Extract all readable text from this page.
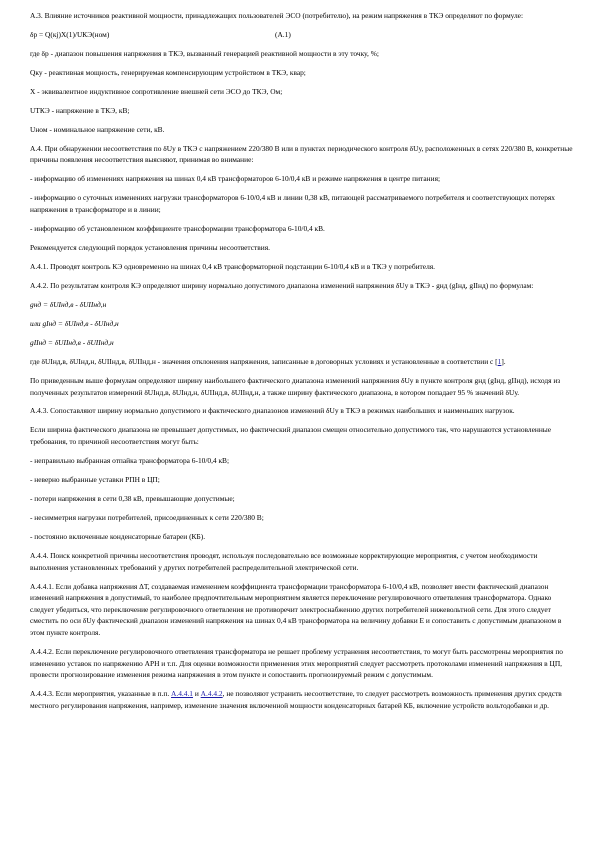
А.3. Влияние источников реактивной мощности, принадлежащих пользователей ЭСО (потребителю), на режим напряжения в ТКЭ определяют по формуле:

δр = Q(кj)Х(1)/UКЭ(ном)	(А.1)

где δр - диапазон повышения напряжения в ТКЭ, вызванный генерацией реактивной мощности в эту точку, %;

Qку - реактивная мощность, генерируемая компенсирующим устройством в ТКЭ, квар;

Х - эквивалентное индуктивное сопротивление внешней сети ЭСО до ТКЭ, Ом;

UТКЭ - напряжение в ТКЭ, кВ;

Uном - номинальное напряжение сети, кВ.

А.4. При обнаружении несоответствия по δUу в ТКЭ с напряжением 220/380 В или в пунктах периодического контроля δUу, расположенных в сетях 220/380 В, конкретные причины появления несоответствия выясняют, принимая во внимание:

- информацию об изменениях напряжения на шинах 0,4 кВ трансформаторов 6-10/0,4 кВ и режиме напряжения в центре питания;

- информацию о суточных изменениях нагрузки трансформаторов 6-10/0,4 кВ и линии 0,38 кВ, питающей рассматриваемого потребителя и соответствующих потерях напряжения в трансформаторе и в линии;

- информацию об установленном коэффициенте трансформации трансформатора 6-10/0,4 кВ.

Рекомендуется следующий порядок установления причины несоответствия.

А.4.1. Проводят контроль КЭ одновременно на шинах 0,4 кВ трансформаторной подстанции 6-10/0,4 кВ и в ТКЭ у потребителя.

А.4.2. По результатам контроля КЭ определяют ширину нормально допустимого диапазона изменений напряжения δUу в ТКЭ - gнд (gIнд, gIIнд) по формулам:

gнд = δUIнд,в - δUIIнд,н

или gIнд = δUIнд,в - δUIнд,н

gIIнд = δUIIнд,в - δUIIнд,н

где δUIнд,в, δUIнд,н, δUIIнд,в, δUIIнд,н - значения отклонения напряжения, записанные в договорных условиях и установленные в соответствии с [1].

По приведенным выше формулам определяют ширину наибольшего фактического диапазона изменений напряжения δUу в пункте контроля gнд (gIнд, gIIнд), исходя из полученных результатов измерений δUIнд,в, δUIнд,н, δUIIнд,в, δUIIнд,н, а также ширину фактического диапазона, в котором попадает 95 % значений δUу.

А.4.3. Сопоставляют ширину нормально допустимого и фактического диапазонов изменений δUу в ТКЭ в режимах наибольших и наименьших нагрузок.

Если ширина фактического диапазона не превышает допустимых, но фактический диапазон смещен относительно допустимого так, что нарушаются установленные требования, то причиной несоответствия могут быть:

- неправильно выбранная отпайка трансформатора 6-10/0,4 кВ;

- неверно выбранные уставки РПН в ЦП;

- потери напряжения в сети 0,38 кВ, превышающие допустимые;

- несимметрия нагрузки потребителей, присоединенных к сети 220/380 В;

- постоянно включенные конденсаторные батареи (КБ).

А.4.4. Поиск конкретной причины несоответствия проводят, используя последовательно все возможные корректирующие мероприятия, с учетом необходимости выполнения установленных требований у других потребителей распределительной электрической сети.

А.4.4.1. Если добавка напряжения ΔТ, создаваемая изменением коэффициента трансформации трансформатора 6-10/0,4 кВ, позволяет ввести фактический диапазон изменений напряжения в допустимый, то наиболее предпочтительным мероприятием является переключение регулировочного ответвления трансформатора. Однако следует убедиться, что переключение регулировочного ответвления не противоречит электроснабжению других потребителей нижевольтной сети. Для этого следует сместить по оси δUу фактический диапазон изменений напряжения на шинах 0,4 кВ трансформатора на величину добавки E и сопоставить с допустимым диапазоном в этом пункте контроля.

А.4.4.2. Если переключение регулировочного ответвления трансформатора не решает проблему устранения несоответствия, то могут быть рассмотрены мероприятия по изменению уставок по напряжению АРН и т.п. Для оценки возможности применения этих мероприятий следует рассмотреть протоколами изменений напряжения в ЦП, провести прогнозирование изменения режима напряжения в этом пункте и сопоставить прогнозируемый режим с допустимым.

А.4.4.3. Если мероприятия, указанные в п.п. А.4.4.1 и А.4.4.2, не позволяют устранить несоответствие, то следует рассмотреть возможность применения других средств местного регулирования напряжения, например, изменение значения включенной мощности конденсаторных батарей КБ, включение устройств вольтодобавки и др.
